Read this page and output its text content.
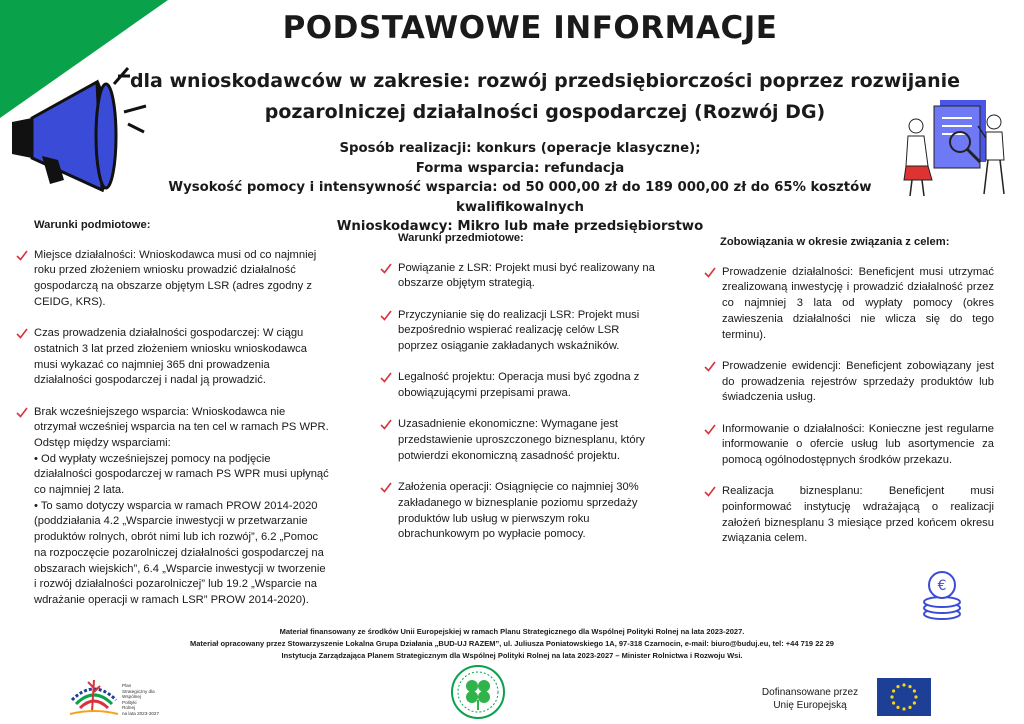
PODSTAWOWE INFORMACJE
dla wnioskodawców w zakresie: rozwój przedsiębiorczości poprzez rozwijanie
pozarolniczej działalności gospodarczej (Rozwój DG)
Sposób realizacji: konkurs (operacje klasyczne);
Forma wsparcia: refundacja
Wysokość pomocy i intensywność wsparcia: od 50 000,00 zł do 189 000,00 zł do 65% kosztów kwalifikowalnych
Wnioskodawcy: Mikro lub małe przedsiębiorstwo
Warunki podmiotowe:
Miejsce działalności: Wnioskodawca musi od co najmniej
roku przed złożeniem wniosku prowadzić działalność
gospodarczą na obszarze objętym LSR (adres zgodny z
CEIDG, KRS).
Czas prowadzenia działalności gospodarczej: W ciągu
ostatnich 3 lat przed złożeniem wniosku wnioskodawca
musi wykazać co najmniej 365 dni prowadzenia
działalności gospodarczej i nadal ją prowadzić.
Brak wcześniejszego wsparcia: Wnioskodawca nie
otrzymał wcześniej wsparcia na ten cel w ramach PS WPR.
Odstęp między wsparciami:
• Od wypłaty wcześniejszej pomocy na podjęcie
działalności gospodarczej w ramach PS WPR musi upłynąć
co najmniej 2 lata.
• To samo dotyczy wsparcia w ramach PROW 2014-2020
(poddziałania 4.2 „Wsparcie inwestycji w przetwarzanie
produktów rolnych, obrót nimi lub ich rozwój”, 6.2 „Pomoc
na rozpoczęcie pozarolniczej działalności gospodarczej na
obszarach wiejskich”, 6.4 „Wsparcie inwestycji w tworzenie
i rozwój działalności pozarolniczej” lub 19.2 „Wsparcie na
wdrażanie operacji w ramach LSR” PROW 2014-2020).
Warunki przedmiotowe:
Powiązanie z LSR: Projekt musi być realizowany na
obszarze objętym strategią.
Przyczynianie się do realizacji LSR: Projekt musi
bezpośrednio wspierać realizację celów LSR
poprzez osiąganie zakładanych wskaźników.
Legalność projektu: Operacja musi być zgodna z
obowiązującymi przepisami prawa.
Uzasadnienie ekonomiczne: Wymagane jest
przedstawienie uproszczonego biznesplanu, który
potwierdzi ekonomiczną zasadność projektu.
Założenia operacji: Osiągnięcie co najmniej 30%
zakładanego w biznesplanie poziomu sprzedaży
produktów lub usług w pierwszym roku
obrachunkowym po wypłacie pomocy.
Zobowiązania w okresie związania z celem:
Prowadzenie działalności: Beneficjent musi utrzymać zrealizowaną inwestycję i prowadzić działalność przez co najmniej 3 lata od wypłaty pomocy (okres zawieszenia działalności nie wlicza się do tego terminu).
Prowadzenie ewidencji: Beneficjent zobowiązany jest do prowadzenia rejestrów sprzedaży produktów lub świadczenia usług.
Informowanie o działalności: Konieczne jest regularne informowanie o ofercie usług lub asortymencie za pomocą ogólnodostępnych środków przekazu.
Realizacja biznesplanu: Beneficjent musi poinformować instytucję wdrażającą o realizacji założeń biznesplanu 3 miesiące przed końcem okresu związania celem.
€
Materiał finansowany ze środków Unii Europejskiej w ramach Planu Strategicznego dla Wspólnej Polityki Rolnej na lata 2023-2027.
Materiał opracowany przez Stowarzyszenie Lokalna Grupa Działania „BUD-UJ RAZEM”, ul. Juliusza Poniatowskiego 1A, 97-318 Czarnocin, e-mail: biuro@buduj.eu, tel: +44 719 22 29
Instytucja Zarządzająca Planem Strategicznym dla Wspólnej Polityki Rolnej na lata 2023-2027 – Minister Rolnictwa i Rozwoju Wsi.
Plan
Strategiczny dla
Wspólnej
Polityki
Rolnej
na lata 2023-2027
Dofinansowane przez
Unię Europejską
